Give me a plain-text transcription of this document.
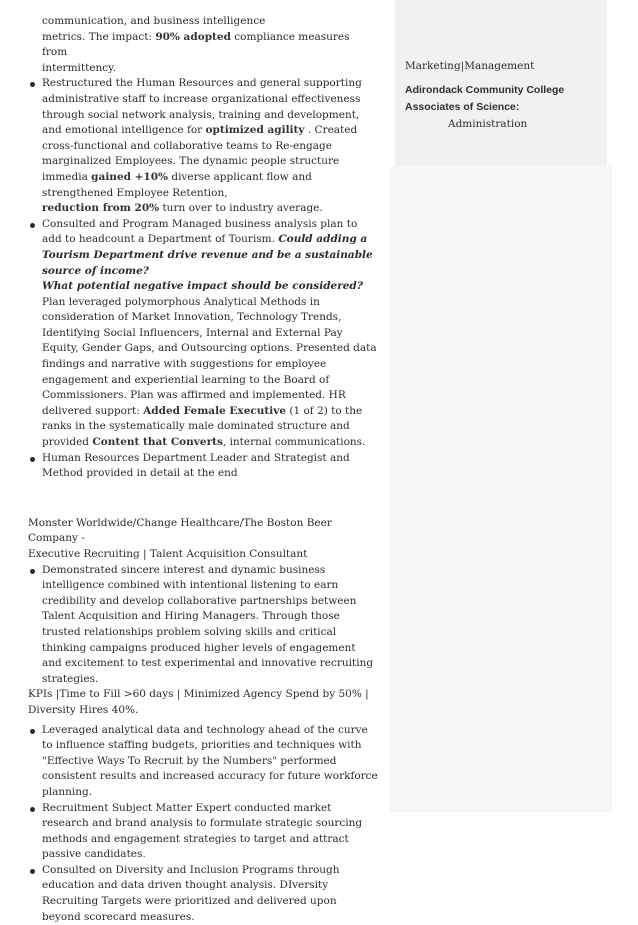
Marketing|Management
Adirondack Community College
Associates of Science:
Administration
communication, and business intelligence
metrics. The impact: 90% adopted compliance measures from
intermittency.
Restructured the Human Resources and general supporting administrative staff to increase organizational effectiveness through social network analysis, training and development, and emotional intelligence for optimized agility . Created cross-functional and collaborative teams to Re-engage marginalized Employees. The dynamic people structure immedia gained +10% diverse applicant flow and strengthened Employee Retention,
reduction from 20% turn over to industry average.
Consulted and Program Managed business analysis plan to add to headcount a Department of Tourism. Could adding a Tourism Department drive revenue and be a sustainable source of income?
What potential negative impact should be considered? Plan leveraged polymorphous Analytical Methods in consideration of Market Innovation, Technology Trends, Identifying Social Influencers, Internal and External Pay Equity, Gender Gaps, and Outsourcing options. Presented data findings and narrative with suggestions for employee engagement and experiential learning to the Board of Commissioners. Plan was affirmed and implemented. HR delivered support: Added Female Executive (1 of 2) to the ranks in the systematically male dominated structure and provided Content that Converts, internal communications.
Human Resources Department Leader and Strategist and Method provided in detail at the end
Monster Worldwide/Change Healthcare/The Boston Beer Company -
Executive Recruiting | Talent Acquisition Consultant
Demonstrated sincere interest and dynamic business intelligence combined with intentional listening to earn credibility and develop collaborative partnerships between Talent Acquisition and Hiring Managers. Through those trusted relationships problem solving skills and critical thinking campaigns produced higher levels of engagement and excitement to test experimental and innovative recruiting strategies.
KPIs |Time to Fill >60 days | Minimized Agency Spend by 50% |
Diversity Hires 40%.
Leveraged analytical data and technology ahead of the curve to influence staffing budgets, priorities and techniques with "Effective Ways To Recruit by the Numbers" performed consistent results and increased accuracy for future workforce planning.
Recruitment Subject Matter Expert conducted market research and brand analysis to formulate strategic sourcing methods and engagement strategies to target and attract passive candidates.
Consulted on Diversity and Inclusion Programs through education and data driven thought analysis. DIversity Recruiting Targets were prioritized and delivered upon beyond scorecard measures.
